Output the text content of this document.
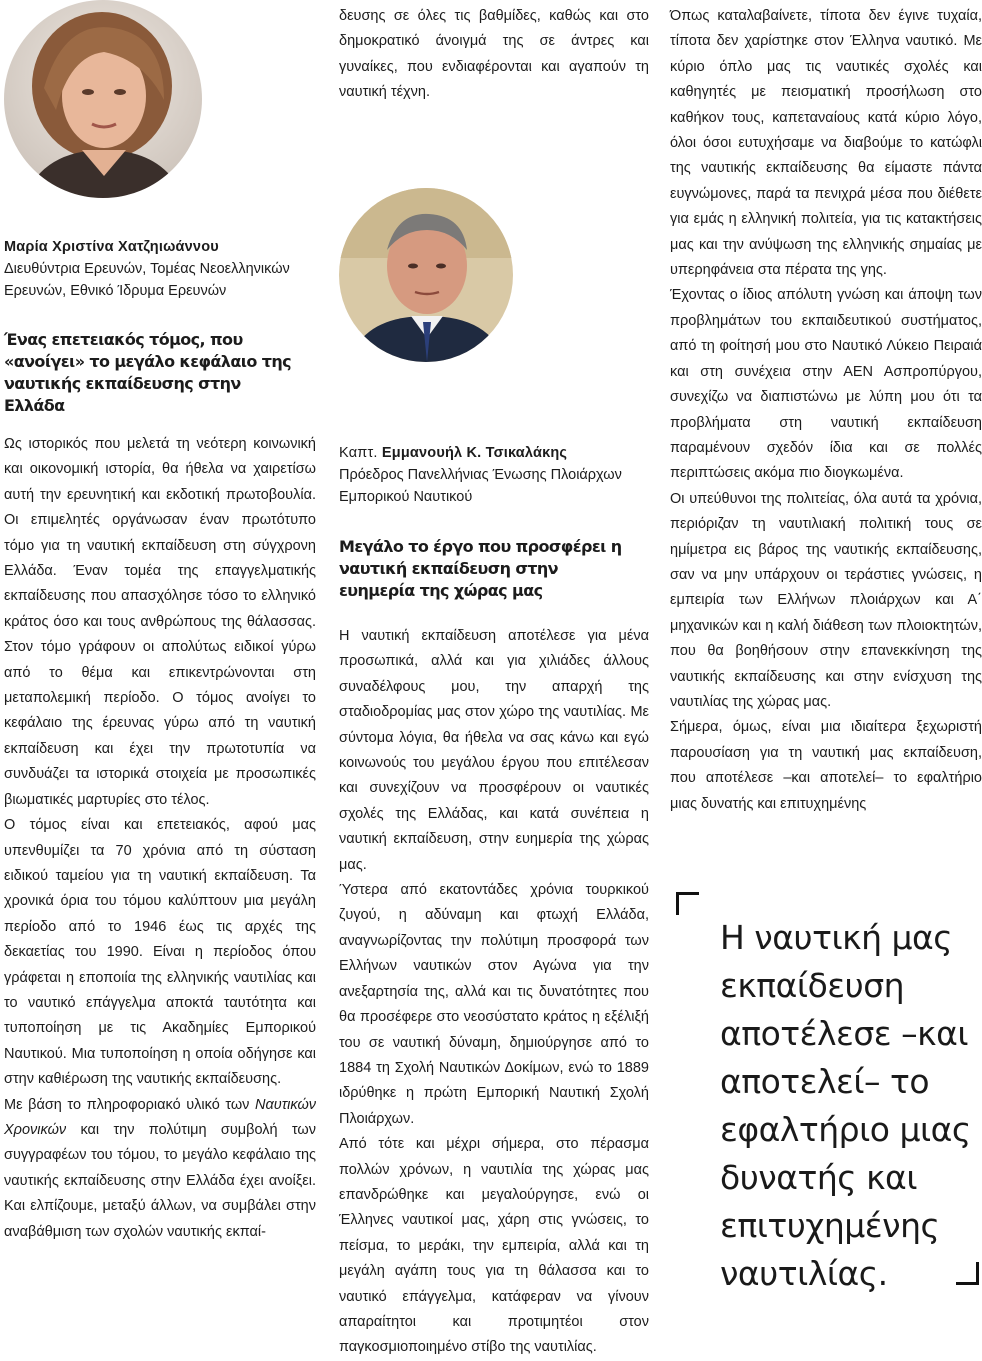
Μαρία Χριστίνα Χατζηιωάννου
Διευθύντρια Ερευνών, Τομέας Νεοελληνικών Ερευνών, Εθνικό Ίδρυμα Ερευνών
Ένας επετειακός τόμος, που «ανοίγει» το μεγάλο κεφάλαιο της ναυτικής εκπαίδευσης στην Ελλάδα

Ως ιστορικός που μελετά τη νεότερη κοινωνική και οικονομική ιστορία, θα ήθελα να χαιρετίσω αυτή την ερευνητική και εκδοτική πρωτοβουλία. Οι επιμελητές οργάνωσαν έναν πρωτότυπο τόμο για τη ναυτική εκπαίδευση στη σύγχρονη Ελλάδα. Έναν τομέα της επαγγελματικής εκπαίδευσης που απασχόλησε τόσο το ελληνικό κράτος όσο και τους ανθρώπους της θάλασσας. Στον τόμο γράφουν οι απολύτως ειδικοί γύρω από το θέμα και επικεντρώνονται στη μεταπολεμική περίοδο. Ο τόμος ανοίγει το κεφάλαιο της έρευνας γύρω από τη ναυτική εκπαίδευση και έχει την πρωτοτυπία να συνδυάζει τα ιστορικά στοιχεία με προσωπικές βιωματικές μαρτυρίες στο τέλος.

Ο τόμος είναι και επετειακός, αφού μας υπενθυμίζει τα 70 χρόνια από τη σύσταση ειδικού ταμείου για τη ναυτική εκπαίδευση. Τα χρονικά όρια του τόμου καλύπτουν μια μεγάλη περίοδο από το 1946 έως τις αρχές της δεκαετίας του 1990. Είναι η περίοδος όπου γράφεται η εποποιία της ελληνικής ναυτιλίας και το ναυτικό επάγγελμα αποκτά ταυτότητα και τυποποίηση με τις Ακαδημίες Εμπορικού Ναυτικού. Μια τυποποίηση η οποία οδήγησε και στην καθιέρωση της ναυτικής εκπαίδευσης.

Με βάση το πληροφοριακό υλικό των Ναυτικών Χρονικών και την πολύτιμη συμβολή των συγγραφέων του τόμου, το μεγάλο κεφάλαιο της ναυτικής εκπαίδευσης στην Ελλάδα έχει ανοίξει. Και ελπίζουμε, μεταξύ άλλων, να συμβάλει στην αναβάθμιση των σχολών ναυτικής εκπαί-

δευσης σε όλες τις βαθμίδες, καθώς και στο δημοκρατικό άνοιγμά της σε άντρες και γυναίκες, που ενδιαφέρονται και αγαπούν τη ναυτική τέχνη.

Καπτ. Εμμανουήλ Κ. Τσικαλάκης
Πρόεδρος Πανελλήνιας Ένωσης Πλοιάρχων Εμπορικού Ναυτικού
Μεγάλο το έργο που προσφέρει η ναυτική εκπαίδευση στην ευημερία της χώρας μας

Η ναυτική εκπαίδευση αποτέλεσε για μένα προσωπικά, αλλά και για χιλιάδες άλλους συναδέλφους μου, την απαρχή της σταδιοδρομίας μας στον χώρο της ναυτιλίας. Με σύντομα λόγια, θα ήθελα να σας κάνω και εγώ κοινωνούς του μεγάλου έργου που επιτέλεσαν και συνεχίζουν να προσφέρουν οι ναυτικές σχολές της Ελλάδας, και κατά συνέπεια η ναυτική εκπαίδευση, στην ευημερία της χώρας μας.

Ύστερα από εκατοντάδες χρόνια τουρκικού ζυγού, η αδύναμη και φτωχή Ελλάδα, αναγνωρίζοντας την πολύτιμη προσφορά των Ελλήνων ναυτικών στον Αγώνα για την ανεξαρτησία της, αλλά και τις δυνατότητες που θα προσέφερε στο νεοσύστατο κράτος η εξέλιξή του σε ναυτική δύναμη, δημιούργησε από το 1884 τη Σχολή Ναυτικών Δοκίμων, ενώ το 1889 ιδρύθηκε η πρώτη Εμπορική Ναυτική Σχολή Πλοιάρχων.

Από τότε και μέχρι σήμερα, στο πέρασμα πολλών χρόνων, η ναυτιλία της χώρας μας επανδρώθηκε και μεγαλούργησε, ενώ οι Έλληνες ναυτικοί μας, χάρη στις γνώσεις, το πείσμα, το μεράκι, την εμπειρία, αλλά και τη μεγάλη αγάπη τους για τη θάλασσα και το ναυτικό επάγγελμα, κατάφεραν να γίνουν απαραίτητοι και προτιμητέοι στον παγκοσμιοποιημένο στίβο της ναυτιλίας.

Όπως καταλαβαίνετε, τίποτα δεν έγινε τυχαία, τίποτα δεν χαρίστηκε στον Έλληνα ναυτικό. Με κύριο όπλο μας τις ναυτικές σχολές και καθηγητές με πεισματική προσήλωση στο καθήκον τους, καπεταναίους κατά κύριο λόγο, όλοι όσοι ευτυχήσαμε να διαβούμε το κατώφλι της ναυτικής εκπαίδευσης θα είμαστε πάντα ευγνώμονες, παρά τα πενιχρά μέσα που διέθετε για εμάς η ελληνική πολιτεία, για τις κατακτήσεις μας και την ανύψωση της ελληνικής σημαίας με υπερηφάνεια στα πέρατα της γης.

Έχοντας ο ίδιος απόλυτη γνώση και άποψη των προβλημάτων του εκπαιδευτικού συστήματος, από τη φοίτησή μου στο Ναυτικό Λύκειο Πειραιά και στη συνέχεια στην ΑΕΝ Ασπροπύργου, συνεχίζω να διαπιστώνω με λύπη μου ότι τα προβλήματα στη ναυτική εκπαίδευση παραμένουν σχεδόν ίδια και σε πολλές περιπτώσεις ακόμα πιο διογκωμένα.

Οι υπεύθυνοι της πολιτείας, όλα αυτά τα χρόνια, περιόριζαν τη ναυτιλιακή πολιτική τους σε ημίμετρα εις βάρος της ναυτικής εκπαίδευσης, σαν να μην υπάρχουν οι τεράστιες γνώσεις, η εμπειρία των Ελλήνων πλοιάρχων και Α΄ μηχανικών και η καλή διάθεση των πλοιοκτητών, που θα βοηθήσουν στην επανεκκίνηση της ναυτικής εκπαίδευσης και στην ενίσχυση της ναυτιλίας της χώρας μας.

Σήμερα, όμως, είναι μια ιδιαίτερα ξεχωριστή παρουσίαση για τη ναυτική μας εκπαίδευση, που αποτέλεσε –και αποτελεί– το εφαλτήριο μιας δυνατής και επιτυχημένης

Η ναυτική μας εκπαίδευση αποτέλεσε –και αποτελεί– το εφαλτήριο μιας δυνατής και επιτυχημένης ναυτιλίας.
